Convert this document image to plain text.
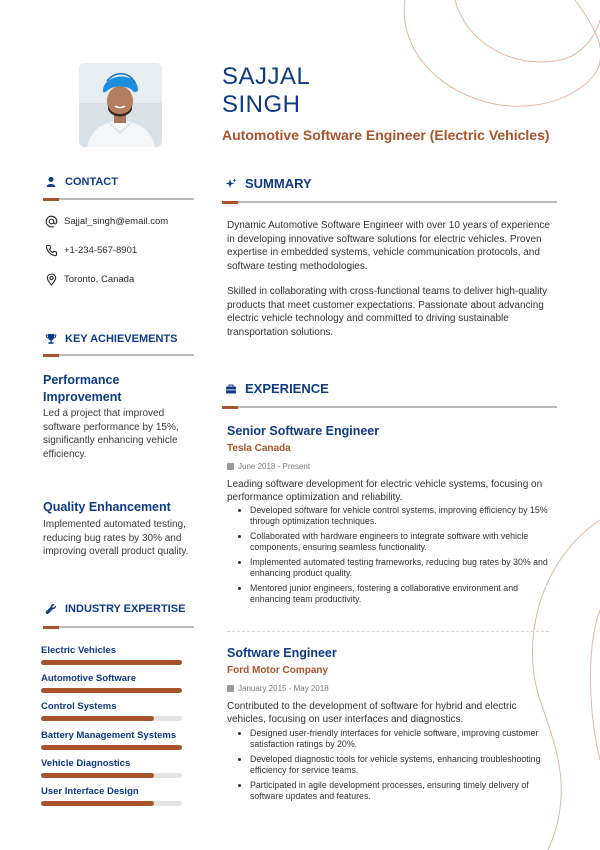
SAJJAL
SINGH
Automotive Software Engineer (Electric Vehicles)
CONTACT
Sajjal_singh@email.com
+1-234-567-8901
Toronto, Canada
KEY ACHIEVEMENTS
Performance Improvement
Led a project that improved software performance by 15%, significantly enhancing vehicle efficiency.
Quality Enhancement
Implemented automated testing, reducing bug rates by 30% and improving overall product quality.
INDUSTRY EXPERTISE
Electric Vehicles
Automotive Software
Control Systems
Battery Management Systems
Vehicle Diagnostics
User Interface Design
SUMMARY
Dynamic Automotive Software Engineer with over 10 years of experience in developing innovative software solutions for electric vehicles. Proven expertise in embedded systems, vehicle communication protocols, and software testing methodologies.
Skilled in collaborating with cross-functional teams to deliver high-quality products that meet customer expectations. Passionate about advancing electric vehicle technology and committed to driving sustainable transportation solutions.
EXPERIENCE
Senior Software Engineer
Tesla Canada
June 2018 - Present
Leading software development for electric vehicle systems, focusing on performance optimization and reliability.
Developed software for vehicle control systems, improving efficiency by 15% through optimization techniques.
Collaborated with hardware engineers to integrate software with vehicle components, ensuring seamless functionality.
Implemented automated testing frameworks, reducing bug rates by 30% and enhancing product quality.
Mentored junior engineers, fostering a collaborative environment and enhancing team productivity.
Software Engineer
Ford Motor Company
January 2015 - May 2018
Contributed to the development of software for hybrid and electric vehicles, focusing on user interfaces and diagnostics.
Designed user-friendly interfaces for vehicle software, improving customer satisfaction ratings by 20%.
Developed diagnostic tools for vehicle systems, enhancing troubleshooting efficiency for service teams.
Participated in agile development processes, ensuring timely delivery of software updates and features.
